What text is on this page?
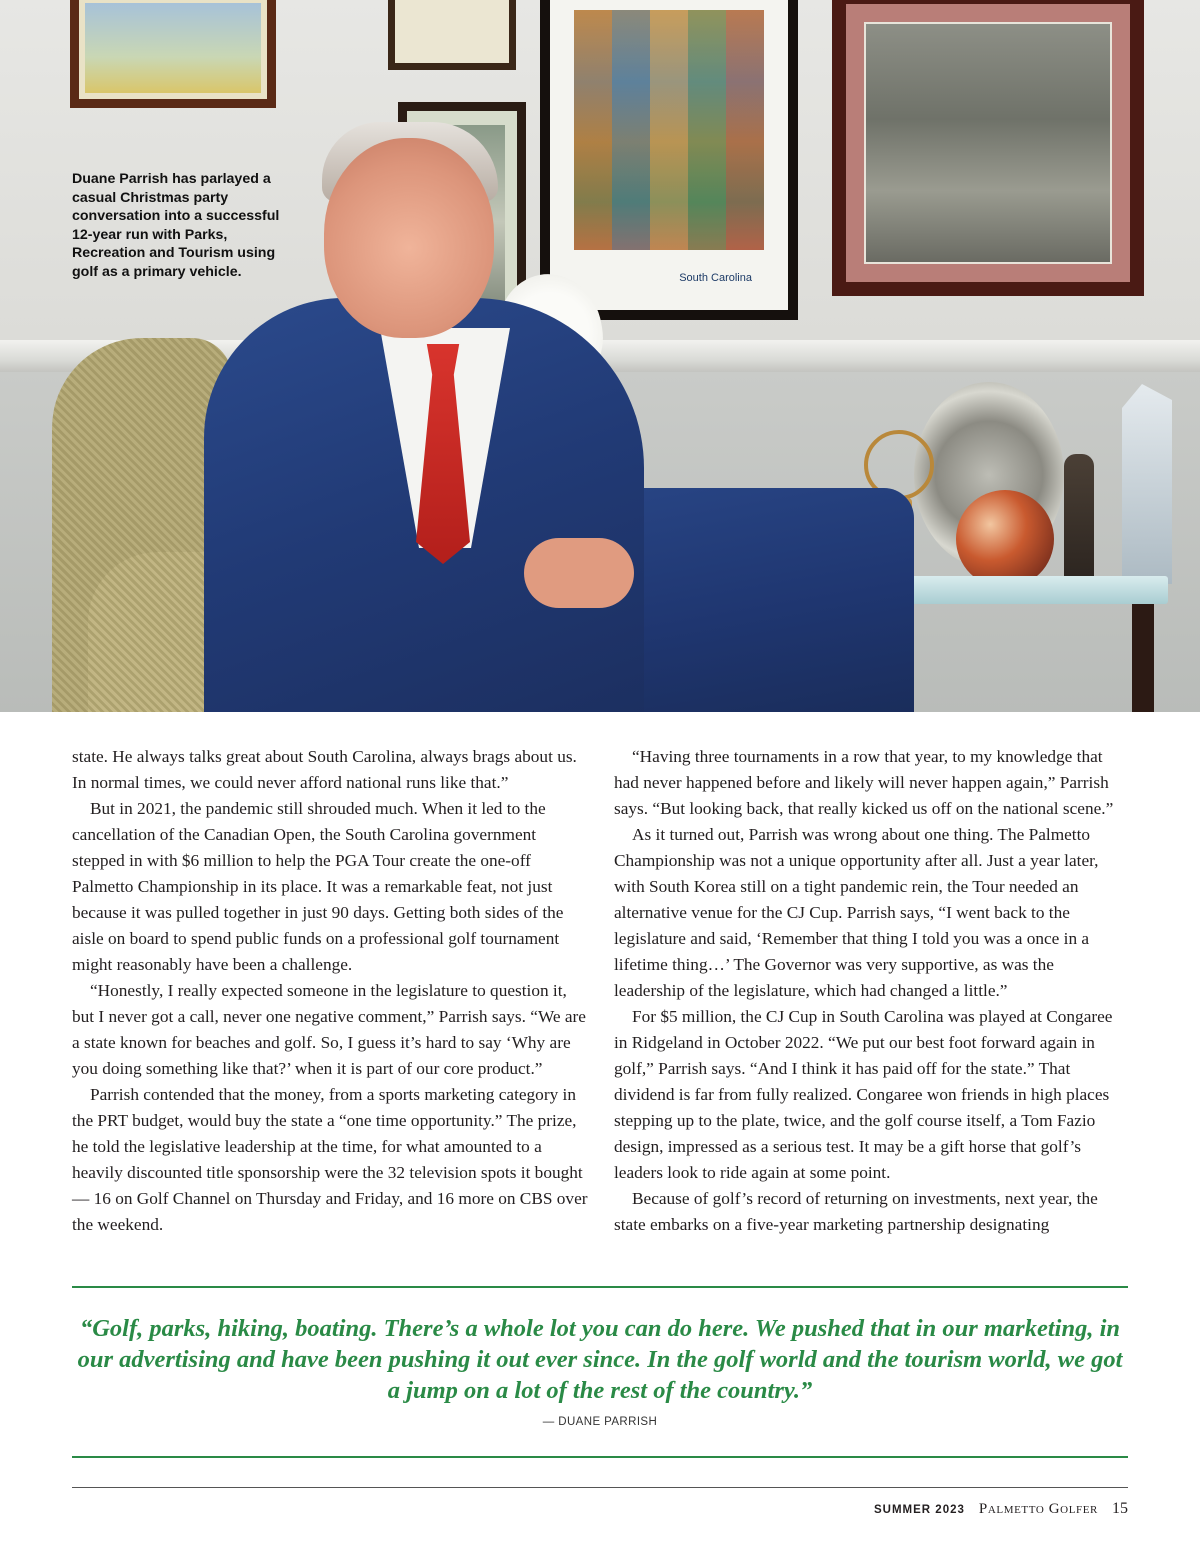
South Carolina
Duane Parrish has parlayed a casual Christmas party conversation into a successful 12-year run with Parks, Recreation and Tourism using golf as a primary vehicle.

state. He always talks great about South Carolina, always brags about us. In normal times, we could never afford national runs like that.”

But in 2021, the pandemic still shrouded much. When it led to the cancellation of the Canadian Open, the South Carolina government stepped in with $6 million to help the PGA Tour create the one-off Palmetto Championship in its place. It was a remarkable feat, not just because it was pulled together in just 90 days. Getting both sides of the aisle on board to spend public funds on a professional golf tournament might reasonably have been a challenge.

“Honestly, I really expected someone in the legislature to question it, but I never got a call, never one negative comment,” Parrish says. “We are a state known for beaches and golf. So, I guess it’s hard to say ‘Why are you doing something like that?’ when it is part of our core product.”

Parrish contended that the money, from a sports marketing category in the PRT budget, would buy the state a “one time opportunity.” The prize, he told the legislative leadership at the time, for what amounted to a heavily discounted title sponsorship were the 32 television spots it bought — 16 on Golf Channel on Thursday and Friday, and 16 more on CBS over the weekend.

“Having three tournaments in a row that year, to my knowledge that had never happened before and likely will never happen again,” Parrish says. “But looking back, that really kicked us off on the national scene.”

As it turned out, Parrish was wrong about one thing. The Palmetto Championship was not a unique opportunity after all. Just a year later, with South Korea still on a tight pandemic rein, the Tour needed an alternative venue for the CJ Cup. Parrish says, “I went back to the legislature and said, ‘Remember that thing I told you was a once in a lifetime thing…’ The Governor was very supportive, as was the leadership of the legislature, which had changed a little.”

For $5 million, the CJ Cup in South Carolina was played at Congaree in Ridgeland in October 2022. “We put our best foot forward again in golf,” Parrish says. “And I think it has paid off for the state.” That dividend is far from fully realized. Congaree won friends in high places stepping up to the plate, twice, and the golf course itself, a Tom Fazio design, impressed as a serious test. It may be a gift horse that golf’s leaders look to ride again at some point.

Because of golf’s record of returning on investments, next year, the state embarks on a five-year marketing partnership designating

“Golf, parks, hiking, boating. There’s a whole lot you can do here. We pushed that in our marketing, in our advertising and have been pushing it out ever since. In the golf world and the tourism world, we got a jump on a lot of the rest of the country.”
— DUANE PARRISH
SUMMER 2023 Palmetto Golfer 15
